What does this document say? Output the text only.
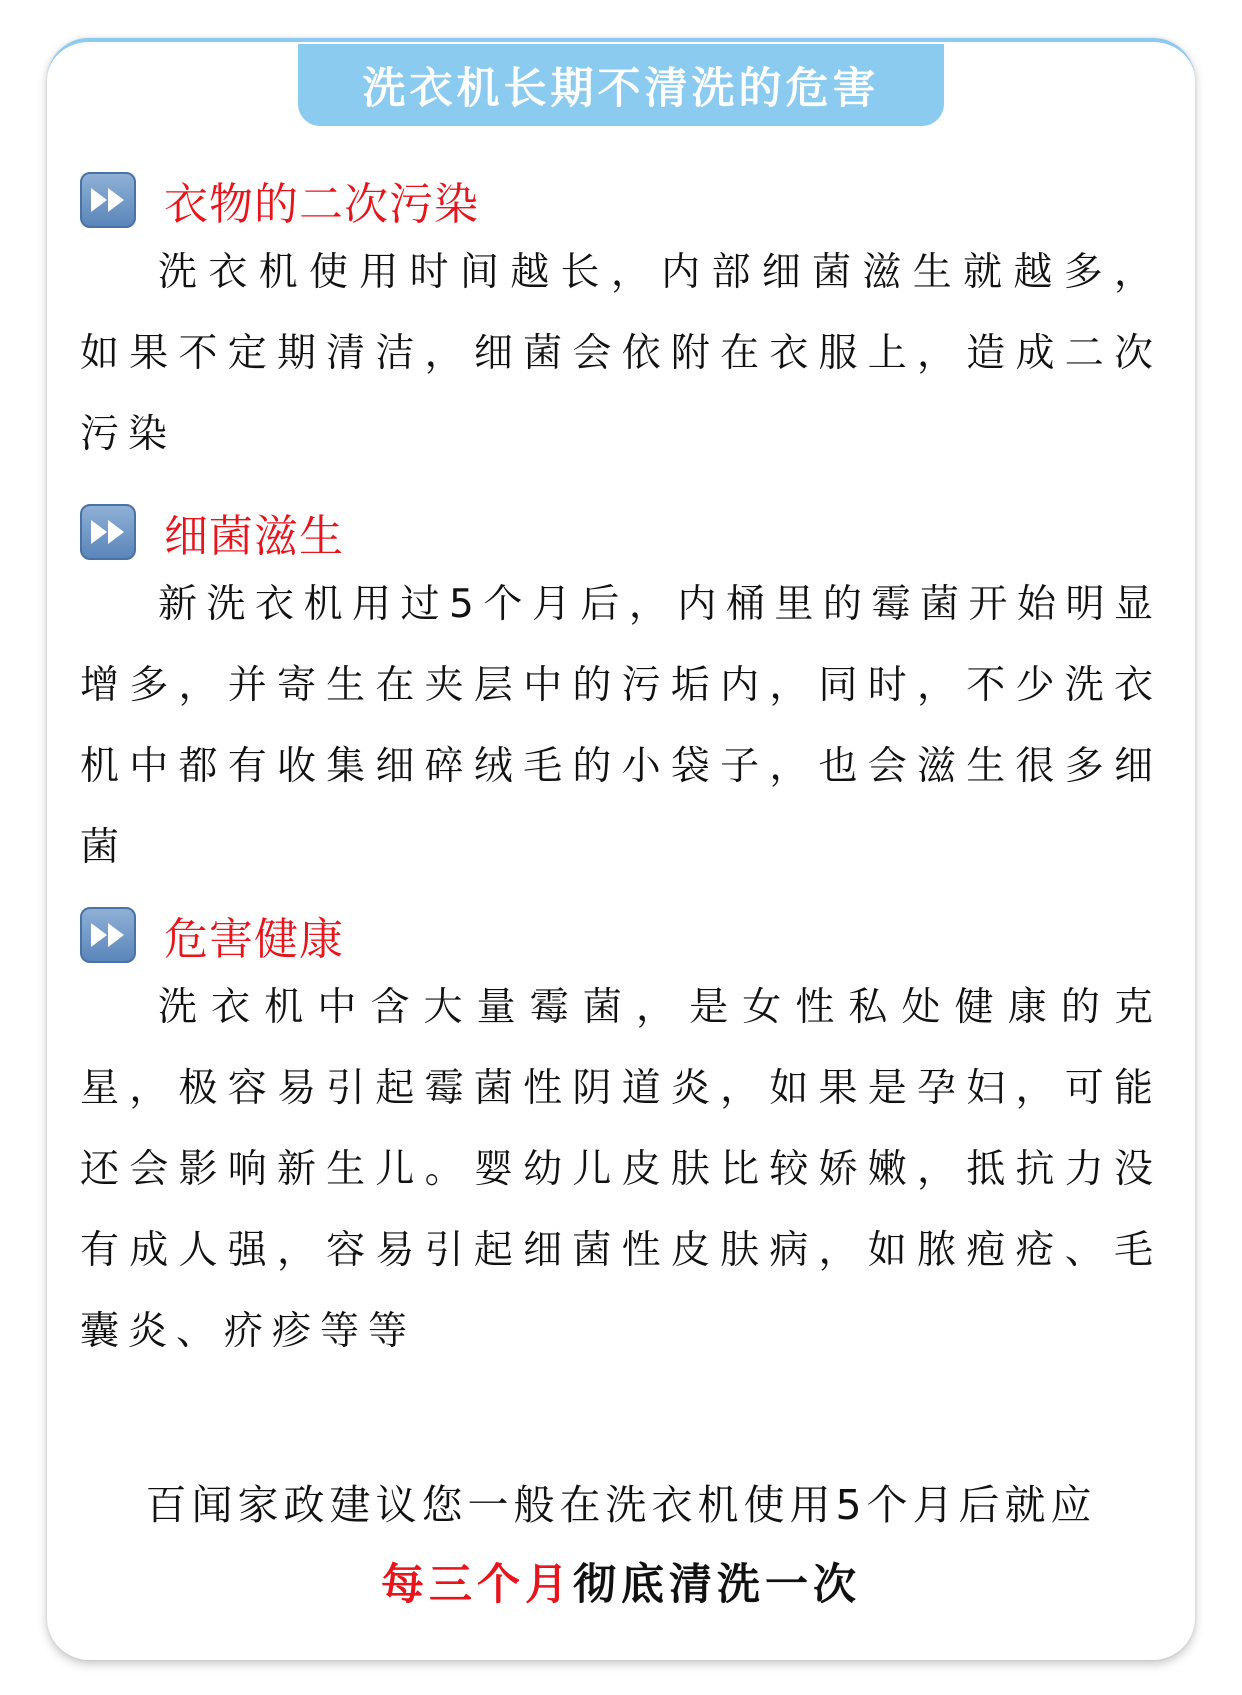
洗衣机长期不清洗的危害
衣物的二次污染

洗衣机使用时间越长，内部细菌滋生就越多，如果不定期清洁，细菌会依附在衣服上，造成二次污染

细菌滋生

新洗衣机用过5个月后，内桶里的霉菌开始明显增多，并寄生在夹层中的污垢内，同时，不少洗衣机中都有收集细碎绒毛的小袋子，也会滋生很多细菌

危害健康

洗衣机中含大量霉菌，是女性私处健康的克星，极容易引起霉菌性阴道炎，如果是孕妇，可能还会影响新生儿。婴幼儿皮肤比较娇嫩，抵抗力没有成人强，容易引起细菌性皮肤病，如脓疱疮、毛囊炎、疥疹等等

百闻家政建议您一般在洗衣机使用5个月后就应
每三个月彻底清洗一次
